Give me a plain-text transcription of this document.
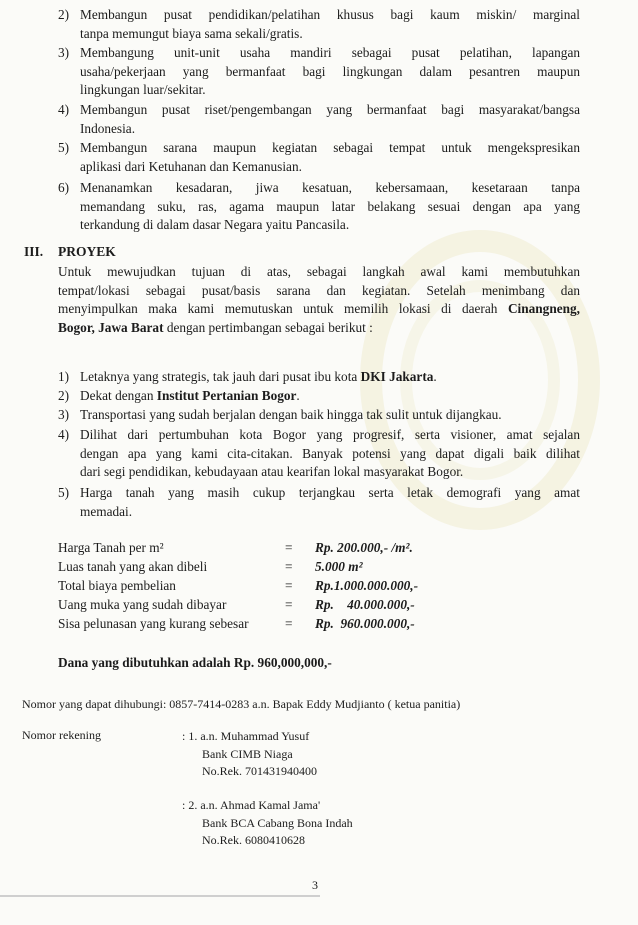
2) Membangun pusat pendidikan/pelatihan khusus bagi kaum miskin/ marginal
tanpa memungut biaya sama sekali/gratis.
3) Membangung unit-unit usaha mandiri sebagai pusat pelatihan, lapangan
usaha/pekerjaan yang bermanfaat bagi lingkungan dalam pesantren maupun
lingkungan luar/sekitar.
4) Membangun pusat riset/pengembangan yang bermanfaat bagi masyarakat/bangsa
Indonesia.
5) Membangun sarana maupun kegiatan sebagai tempat untuk mengekspresikan
aplikasi dari Ketuhanan dan Kemanusian.
6) Menanamkan kesadaran, jiwa kesatuan, kebersamaan, kesetaraan tanpa
memandang suku, ras, agama maupun latar belakang sesuai dengan apa yang
terkandung di dalam dasar Negara yaitu Pancasila.
III. PROYEK
Untuk mewujudkan tujuan di atas, sebagai langkah awal kami membutuhkan
tempat/lokasi sebagai pusat/basis sarana dan kegiatan. Setelah menimbang dan
menyimpulkan maka kami memutuskan untuk memilih lokasi di daerah Cinangneng,
Bogor, Jawa Barat dengan pertimbangan sebagai berikut :
1) Letaknya yang strategis, tak jauh dari pusat ibu kota DKI Jakarta.
2) Dekat dengan Institut Pertanian Bogor.
3) Transportasi yang sudah berjalan dengan baik hingga tak sulit untuk dijangkau.
4) Dilihat dari pertumbuhan kota Bogor yang progresif, serta visioner, amat sejalan
dengan apa yang kami cita-citakan. Banyak potensi yang dapat digali baik dilihat
dari segi pendidikan, kebudayaan atau kearifan lokal masyarakat Bogor.
5) Harga tanah yang masih cukup terjangkau serta letak demografi yang amat
memadai.
Harga Tanah per m²	= Rp. 200.000,- /m².
Luas tanah yang akan dibeli	= 5.000 m²
Total biaya pembelian	= Rp.1.000.000.000,-
Uang muka yang sudah dibayar	= Rp.    40.000.000,-
Sisa pelunasan yang kurang sebesar	= Rp.  960.000.000,-
Dana yang dibutuhkan adalah Rp. 960,000,000,-
Nomor yang dapat dihubungi: 0857-7414-0283 a.n. Bapak Eddy Mudjianto ( ketua panitia)
Nomor rekening	: 1. a.n. Muhammad Yusuf
Bank CIMB Niaga
No.Rek. 701431940400
: 2. a.n. Ahmad Kamal Jama'
Bank BCA Cabang Bona Indah
No.Rek. 6080410628
3
